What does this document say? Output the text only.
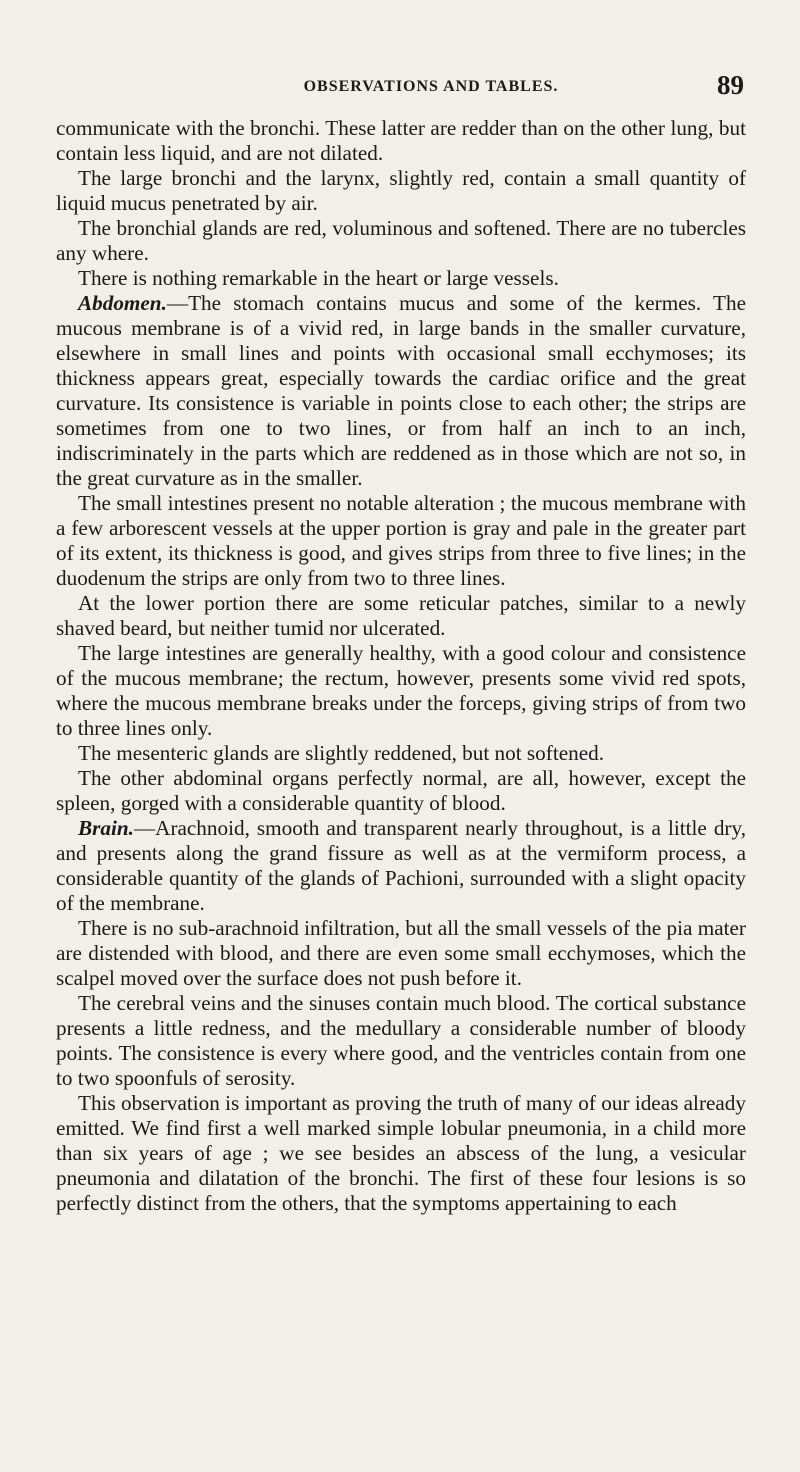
OBSERVATIONS AND TABLES.	89

communicate with the bronchi. These latter are redder than on the other lung, but contain less liquid, and are not dilated.

The large bronchi and the larynx, slightly red, contain a small quantity of liquid mucus penetrated by air.

The bronchial glands are red, voluminous and softened. There are no tubercles any where.

There is nothing remarkable in the heart or large vessels.

Abdomen.—The stomach contains mucus and some of the kermes. The mucous membrane is of a vivid red, in large bands in the smaller curvature, elsewhere in small lines and points with occasional small ecchymoses; its thickness appears great, especially towards the cardiac orifice and the great curvature. Its consistence is variable in points close to each other; the strips are sometimes from one to two lines, or from half an inch to an inch, indiscriminately in the parts which are reddened as in those which are not so, in the great curvature as in the smaller.

The small intestines present no notable alteration ; the mucous membrane with a few arborescent vessels at the upper portion is gray and pale in the greater part of its extent, its thickness is good, and gives strips from three to five lines; in the duodenum the strips are only from two to three lines.

At the lower portion there are some reticular patches, similar to a newly shaved beard, but neither tumid nor ulcerated.

The large intestines are generally healthy, with a good colour and consistence of the mucous membrane; the rectum, however, presents some vivid red spots, where the mucous membrane breaks under the forceps, giving strips of from two to three lines only.

The mesenteric glands are slightly reddened, but not softened.

The other abdominal organs perfectly normal, are all, however, except the spleen, gorged with a considerable quantity of blood.

Brain.—Arachnoid, smooth and transparent nearly throughout, is a little dry, and presents along the grand fissure as well as at the vermiform process, a considerable quantity of the glands of Pachioni, surrounded with a slight opacity of the membrane.

There is no sub-arachnoid infiltration, but all the small vessels of the pia mater are distended with blood, and there are even some small ecchymoses, which the scalpel moved over the surface does not push before it.

The cerebral veins and the sinuses contain much blood. The cortical substance presents a little redness, and the medullary a considerable number of bloody points. The consistence is every where good, and the ventricles contain from one to two spoonfuls of serosity.

This observation is important as proving the truth of many of our ideas already emitted. We find first a well marked simple lobular pneumonia, in a child more than six years of age ; we see besides an abscess of the lung, a vesicular pneumonia and dilatation of the bronchi. The first of these four lesions is so perfectly distinct from the others, that the symptoms appertaining to each
